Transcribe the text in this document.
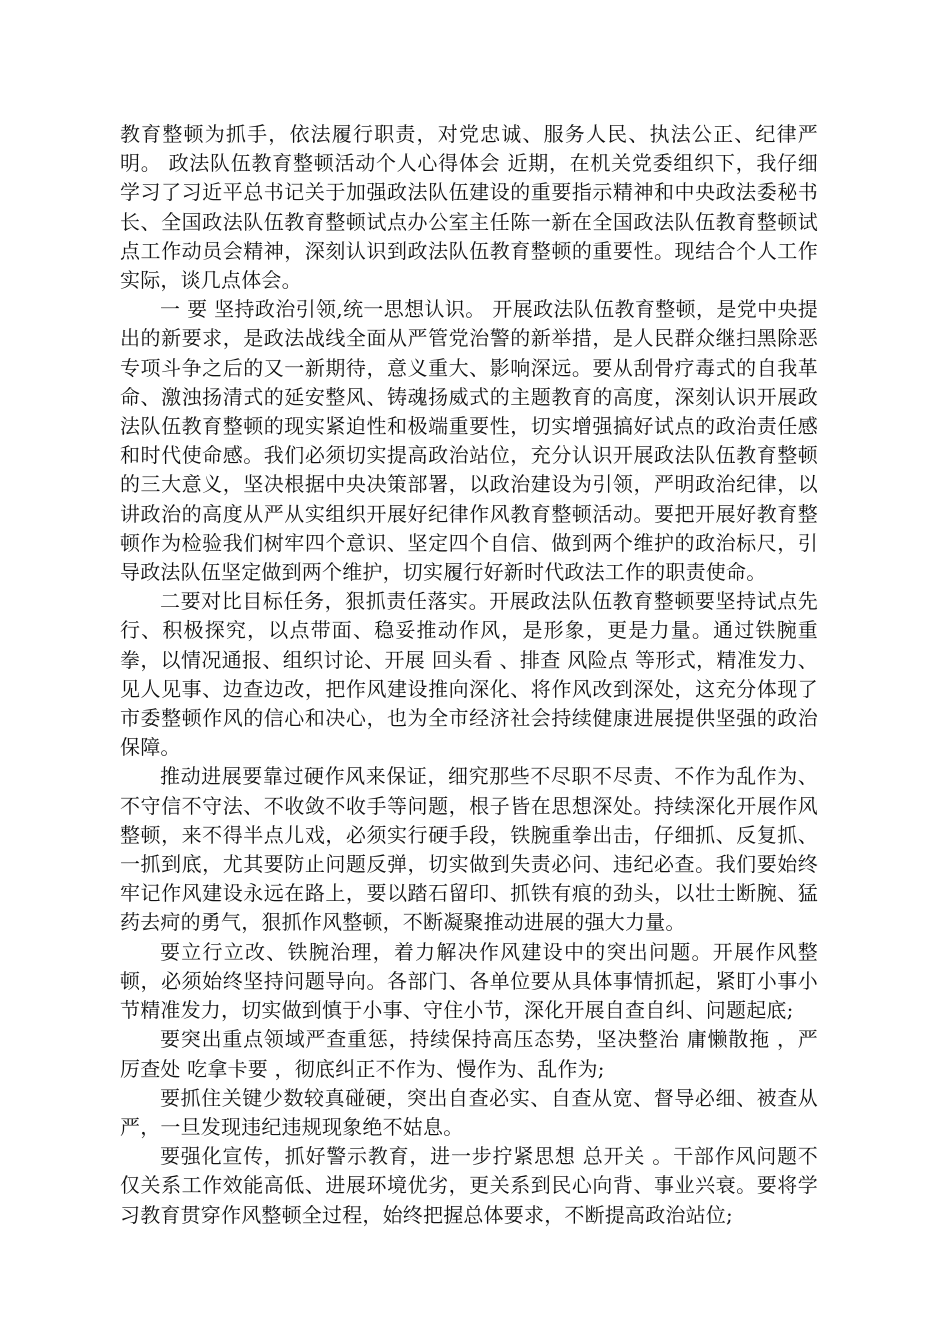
教育整顿为抓手，依法履行职责，对党忠诚、服务人民、执法公正、纪律严明。 政法队伍教育整顿活动个人心得体会 近期，在机关党委组织下，我仔细学习了习近平总书记关于加强政法队伍建设的重要指示精神和中央政法委秘书长、全国政法队伍教育整顿试点办公室主任陈一新在全国政法队伍教育整顿试点工作动员会精神，深刻认识到政法队伍教育整顿的重要性。现结合个人工作实际，谈几点体会。

一 要 坚持政治引领,统一思想认识。 开展政法队伍教育整顿，是党中央提出的新要求，是政法战线全面从严管党治警的新举措，是人民群众继扫黑除恶专项斗争之后的又一新期待，意义重大、影响深远。要从刮骨疗毒式的自我革命、激浊扬清式的延安整风、铸魂扬威式的主题教育的高度，深刻认识开展政法队伍教育整顿的现实紧迫性和极端重要性，切实增强搞好试点的政治责任感和时代使命感。我们必须切实提高政治站位，充分认识开展政法队伍教育整顿的三大意义，坚决根据中央决策部署，以政治建设为引领，严明政治纪律，以讲政治的高度从严从实组织开展好纪律作风教育整顿活动。要把开展好教育整顿作为检验我们树牢四个意识、坚定四个自信、做到两个维护的政治标尺，引导政法队伍坚定做到两个维护，切实履行好新时代政法工作的职责使命。

二要对比目标任务，狠抓责任落实。开展政法队伍教育整顿要坚持试点先行、积极探究，以点带面、稳妥推动作风，是形象，更是力量。通过铁腕重拳，以情况通报、组织讨论、开展 回头看 、排查 风险点 等形式，精准发力、见人见事、边查边改，把作风建设推向深化、将作风改到深处，这充分体现了市委整顿作风的信心和决心，也为全市经济社会持续健康进展提供坚强的政治保障。

推动进展要靠过硬作风来保证，细究那些不尽职不尽责、不作为乱作为、不守信不守法、不收敛不收手等问题，根子皆在思想深处。持续深化开展作风整顿，来不得半点儿戏，必须实行硬手段，铁腕重拳出击，仔细抓、反复抓、一抓到底，尤其要防止问题反弹，切实做到失责必问、违纪必查。我们要始终牢记作风建设永远在路上，要以踏石留印、抓铁有痕的劲头，以壮士断腕、猛药去疴的勇气，狠抓作风整顿，不断凝聚推动进展的强大力量。

要立行立改、铁腕治理，着力解决作风建设中的突出问题。开展作风整顿，必须始终坚持问题导向。各部门、各单位要从具体事情抓起，紧盯小事小节精准发力，切实做到慎于小事、守住小节，深化开展自查自纠、问题起底;

要突出重点领域严查重惩，持续保持高压态势，坚决整治 庸懒散拖 ，严厉查处 吃拿卡要 ，彻底纠正不作为、慢作为、乱作为;

要抓住关键少数较真碰硬，突出自查必实、自查从宽、督导必细、被查从严，一旦发现违纪违规现象绝不姑息。

要强化宣传，抓好警示教育，进一步拧紧思想 总开关 。干部作风问题不仅关系工作效能高低、进展环境优劣，更关系到民心向背、事业兴衰。要将学习教育贯穿作风整顿全过程，始终把握总体要求，不断提高政治站位;
